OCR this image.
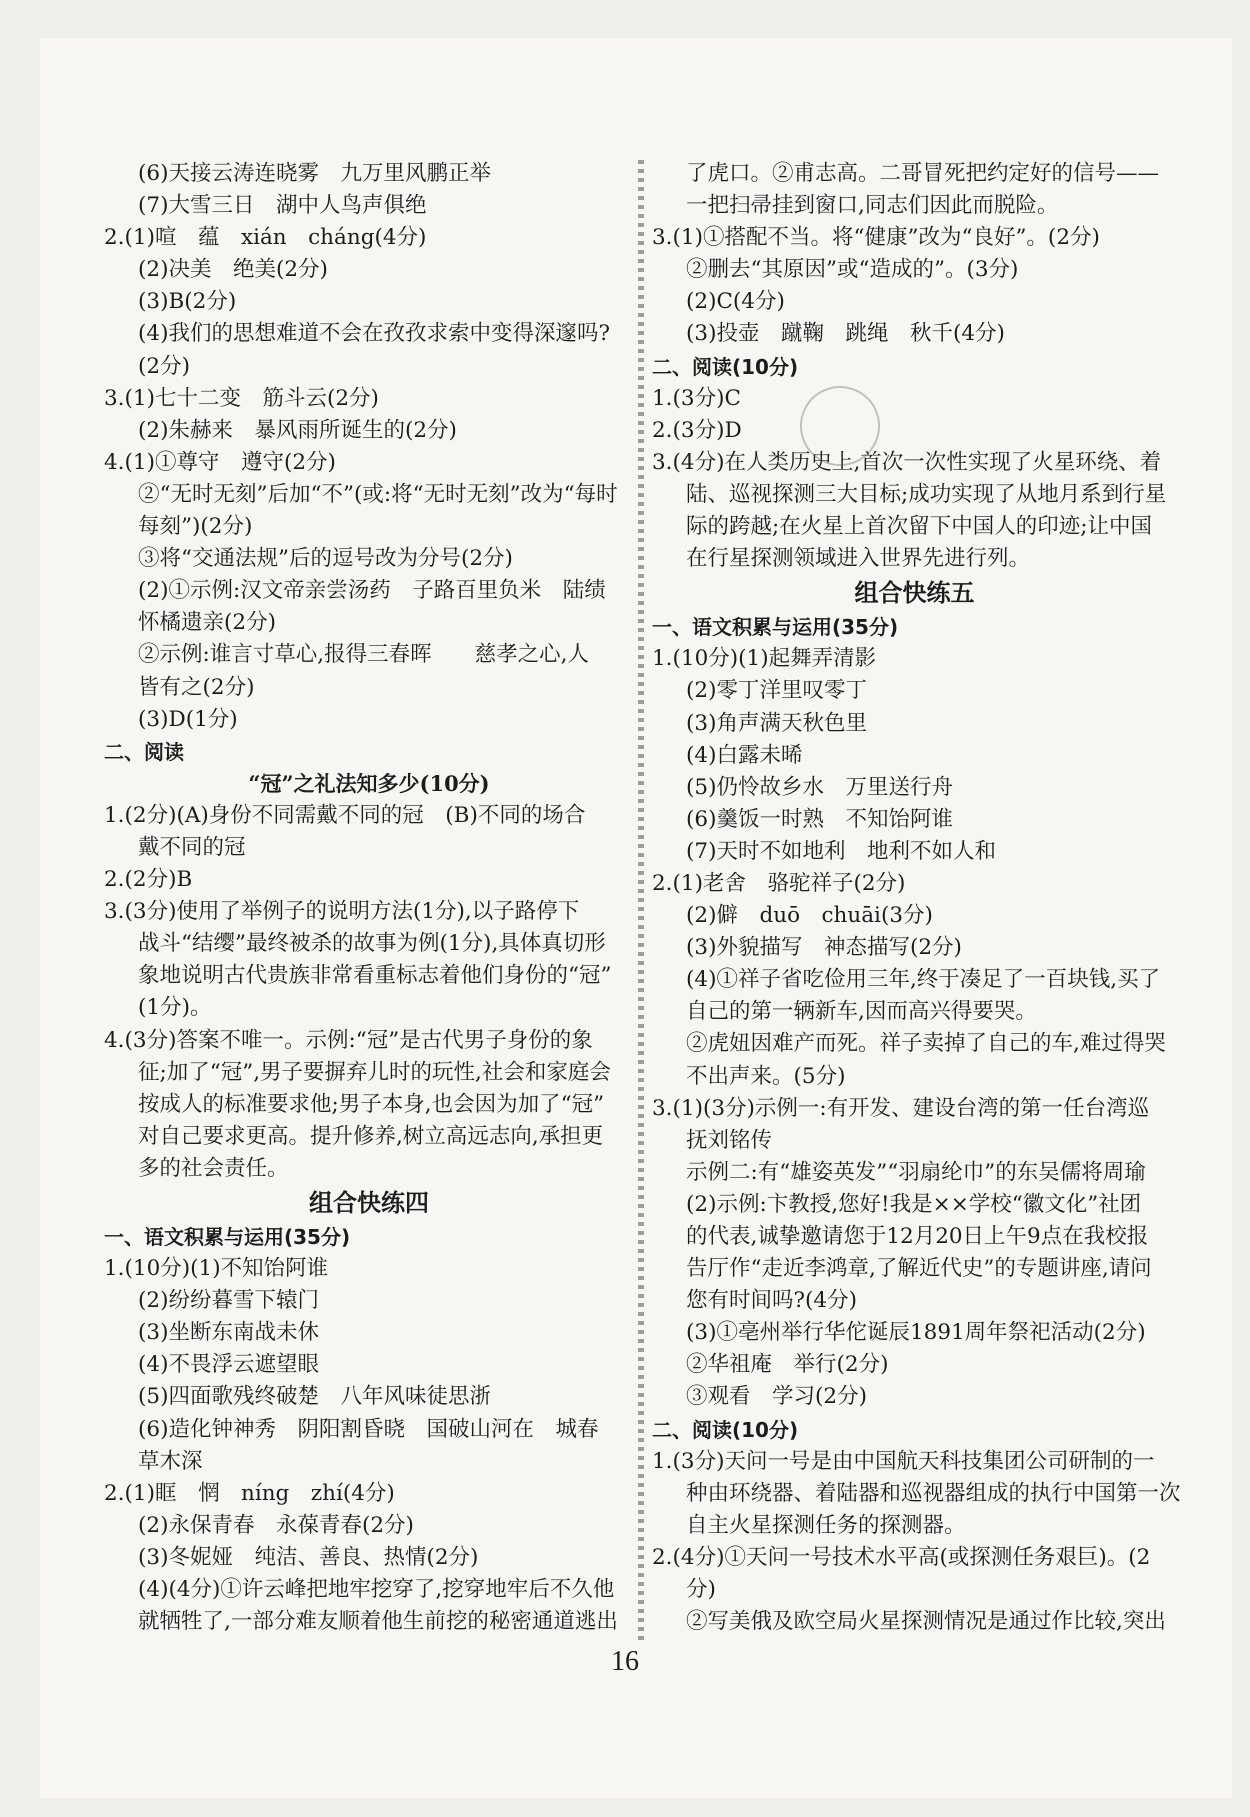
(6)天接云涛连晓雾　九万里风鹏正举
(7)大雪三日　湖中人鸟声俱绝
2.(1)喧　蕴　xián　cháng(4分)
(2)决美　绝美(2分)
(3)B(2分)
(4)我们的思想难道不会在孜孜求索中变得深邃吗?
(2分)
3.(1)七十二变　筋斗云(2分)
(2)朱赫来　暴风雨所诞生的(2分)
4.(1)①尊守　遵守(2分)
②“无时无刻”后加“不”(或:将“无时无刻”改为“每时
每刻”)(2分)
③将“交通法规”后的逗号改为分号(2分)
(2)①示例:汉文帝亲尝汤药　子路百里负米　陆绩
怀橘遗亲(2分)
②示例:谁言寸草心,报得三春晖　　慈孝之心,人
皆有之(2分)
(3)D(1分)
二、阅读
“冠”之礼法知多少(10分)
1.(2分)(A)身份不同需戴不同的冠　(B)不同的场合
戴不同的冠
2.(2分)B
3.(3分)使用了举例子的说明方法(1分),以子路停下
战斗“结缨”最终被杀的故事为例(1分),具体真切形
象地说明古代贵族非常看重标志着他们身份的“冠”
(1分)。
4.(3分)答案不唯一。示例:“冠”是古代男子身份的象
征;加了“冠”,男子要摒弃儿时的玩性,社会和家庭会
按成人的标准要求他;男子本身,也会因为加了“冠”
对自己要求更高。提升修养,树立高远志向,承担更
多的社会责任。
组合快练四
一、语文积累与运用(35分)
1.(10分)(1)不知饴阿谁
(2)纷纷暮雪下辕门
(3)坐断东南战未休
(4)不畏浮云遮望眼
(5)四面歌残终破楚　八年风味徒思浙
(6)造化钟神秀　阴阳割昏晓　国破山河在　城春
草木深
2.(1)眶　惘　níng　zhí(4分)
(2)永保青春　永葆青春(2分)
(3)冬妮娅　纯洁、善良、热情(2分)
(4)(4分)①许云峰把地牢挖穿了,挖穿地牢后不久他
就牺牲了,一部分难友顺着他生前挖的秘密通道逃出
了虎口。②甫志高。二哥冒死把约定好的信号——
一把扫帚挂到窗口,同志们因此而脱险。
3.(1)①搭配不当。将“健康”改为“良好”。(2分)
②删去“其原因”或“造成的”。(3分)
(2)C(4分)
(3)投壶　蹴鞠　跳绳　秋千(4分)
二、阅读(10分)
1.(3分)C
2.(3分)D
3.(4分)在人类历史上,首次一次性实现了火星环绕、着
陆、巡视探测三大目标;成功实现了从地月系到行星
际的跨越;在火星上首次留下中国人的印迹;让中国
在行星探测领域进入世界先进行列。
组合快练五
一、语文积累与运用(35分)
1.(10分)(1)起舞弄清影
(2)零丁洋里叹零丁
(3)角声满天秋色里
(4)白露未晞
(5)仍怜故乡水　万里送行舟
(6)羹饭一时熟　不知饴阿谁
(7)天时不如地利　地利不如人和
2.(1)老舍　骆驼祥子(2分)
(2)僻　duō　chuāi(3分)
(3)外貌描写　神态描写(2分)
(4)①祥子省吃俭用三年,终于凑足了一百块钱,买了
自己的第一辆新车,因而高兴得要哭。
②虎妞因难产而死。祥子卖掉了自己的车,难过得哭
不出声来。(5分)
3.(1)(3分)示例一:有开发、建设台湾的第一任台湾巡
抚刘铭传
示例二:有“雄姿英发”“羽扇纶巾”的东吴儒将周瑜
(2)示例:卞教授,您好!我是××学校“徽文化”社团
的代表,诚挚邀请您于12月20日上午9点在我校报
告厅作“走近李鸿章,了解近代史”的专题讲座,请问
您有时间吗?(4分)
(3)①亳州举行华佗诞辰1891周年祭祀活动(2分)
②华祖庵　举行(2分)
③观看　学习(2分)
二、阅读(10分)
1.(3分)天问一号是由中国航天科技集团公司研制的一
种由环绕器、着陆器和巡视器组成的执行中国第一次
自主火星探测任务的探测器。
2.(4分)①天问一号技术水平高(或探测任务艰巨)。(2
分)
②写美俄及欧空局火星探测情况是通过作比较,突出
16
